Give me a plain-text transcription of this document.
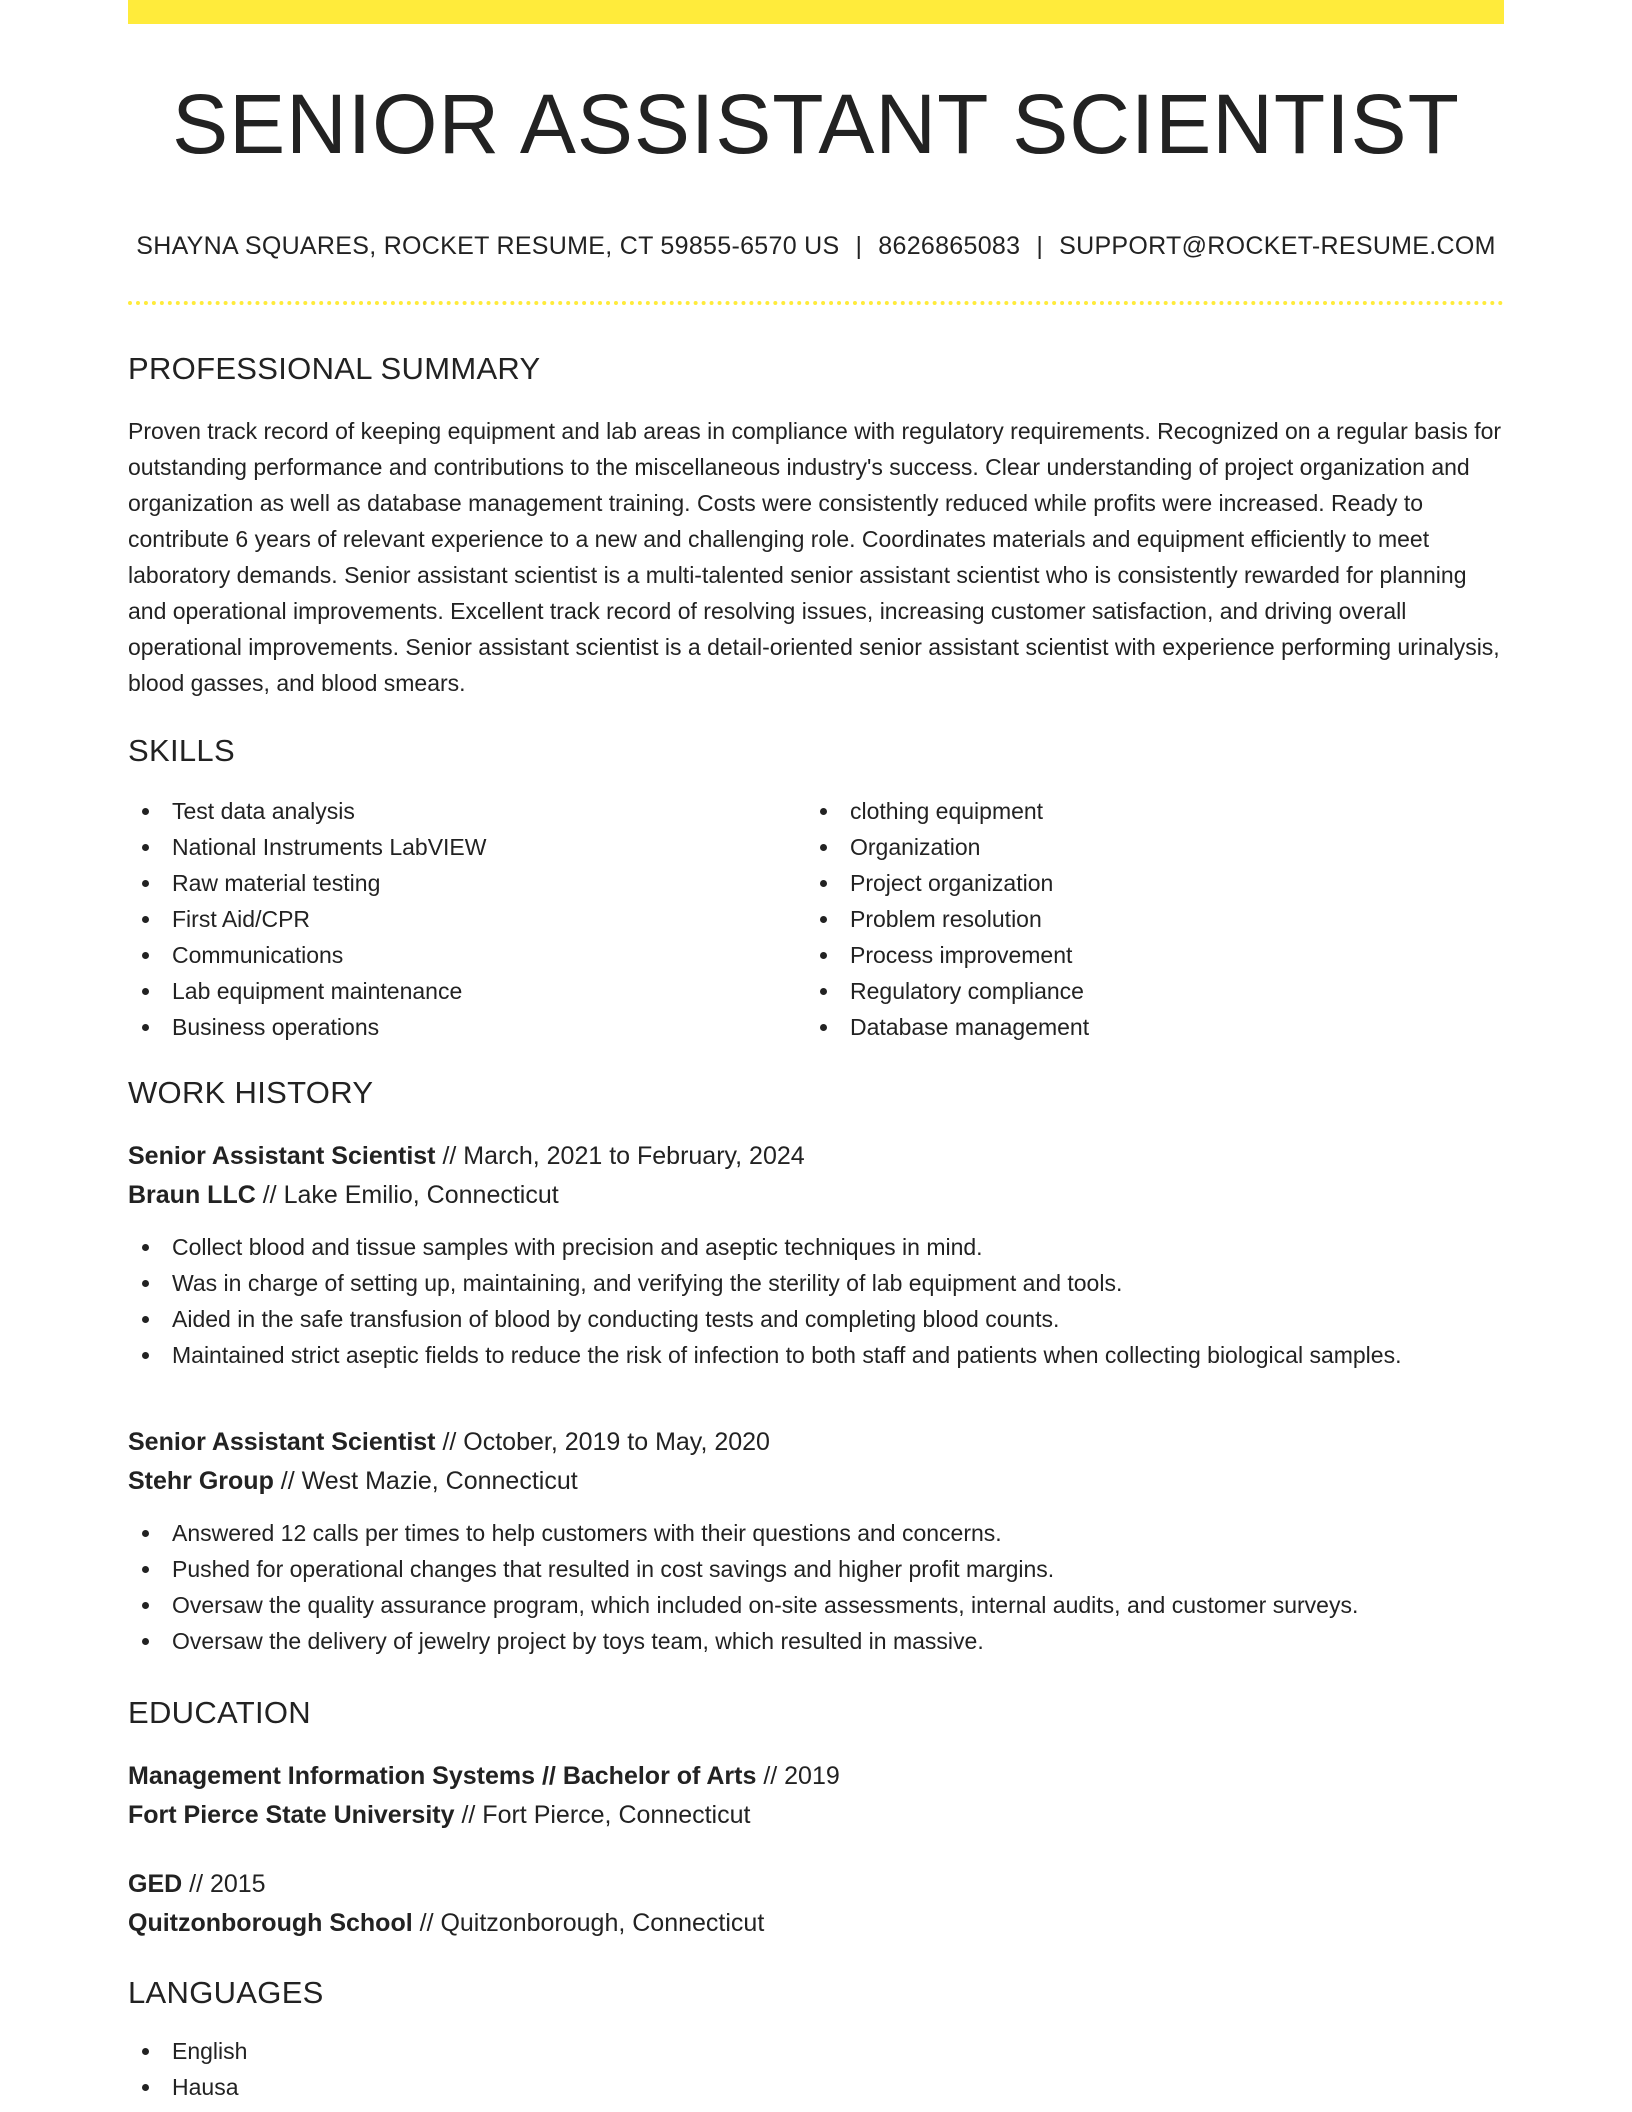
SENIOR ASSISTANT SCIENTIST
SHAYNA SQUARES, ROCKET RESUME, CT 59855-6570 US | 8626865083 | SUPPORT@ROCKET-RESUME.COM
PROFESSIONAL SUMMARY
Proven track record of keeping equipment and lab areas in compliance with regulatory requirements. Recognized on a regular basis for outstanding performance and contributions to the miscellaneous industry's success. Clear understanding of project organization and organization as well as database management training. Costs were consistently reduced while profits were increased. Ready to contribute 6 years of relevant experience to a new and challenging role. Coordinates materials and equipment efficiently to meet laboratory demands. Senior assistant scientist is a multi-talented senior assistant scientist who is consistently rewarded for planning and operational improvements. Excellent track record of resolving issues, increasing customer satisfaction, and driving overall operational improvements. Senior assistant scientist is a detail-oriented senior assistant scientist with experience performing urinalysis, blood gasses, and blood smears.
SKILLS
Test data analysis
National Instruments LabVIEW
Raw material testing
First Aid/CPR
Communications
Lab equipment maintenance
Business operations
clothing equipment
Organization
Project organization
Problem resolution
Process improvement
Regulatory compliance
Database management
WORK HISTORY
Senior Assistant Scientist // March, 2021 to February, 2024
Braun LLC // Lake Emilio, Connecticut
Collect blood and tissue samples with precision and aseptic techniques in mind.
Was in charge of setting up, maintaining, and verifying the sterility of lab equipment and tools.
Aided in the safe transfusion of blood by conducting tests and completing blood counts.
Maintained strict aseptic fields to reduce the risk of infection to both staff and patients when collecting biological samples.
Senior Assistant Scientist // October, 2019 to May, 2020
Stehr Group // West Mazie, Connecticut
Answered 12 calls per times to help customers with their questions and concerns.
Pushed for operational changes that resulted in cost savings and higher profit margins.
Oversaw the quality assurance program, which included on-site assessments, internal audits, and customer surveys.
Oversaw the delivery of jewelry project by toys team, which resulted in massive.
EDUCATION
Management Information Systems // Bachelor of Arts // 2019
Fort Pierce State University // Fort Pierce, Connecticut
GED // 2015
Quitzonborough School // Quitzonborough, Connecticut
LANGUAGES
English
Hausa
